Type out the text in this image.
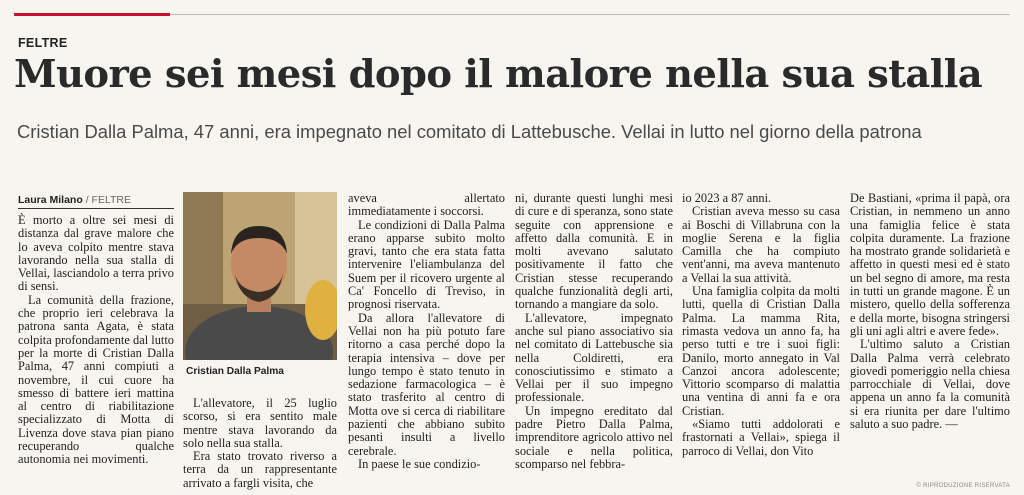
FELTRE
Muore sei mesi dopo il malore nella sua stalla
Cristian Dalla Palma, 47 anni, era impegnato nel comitato di Lattebusche. Vellai in lutto nel giorno della patrona
Laura Milano / FELTRE

È morto a oltre sei mesi di distanza dal grave malore che lo aveva colpito mentre stava lavorando nella sua stalla di Vellai, lasciandolo a terra privo di sensi.

La comunità della frazione, che proprio ieri celebrava la patrona santa Agata, è stata colpita profondamente dal lutto per la morte di Cristian Dalla Palma, 47 anni compiuti a novembre, il cui cuore ha smesso di battere ieri mattina al centro di riabilitazione specializzato di Motta di Livenza dove stava pian piano recuperando qualche autonomia nei movimenti.

Cristian Dalla Palma

L'allevatore, il 25 luglio scorso, si era sentito male mentre stava lavorando da solo nella sua stalla.

Era stato trovato riverso a terra da un rappresentante arrivato a fargli visita, che

aveva allertato immediatamente i soccorsi.

Le condizioni di Dalla Palma erano apparse subito molto gravi, tanto che era stata fatta intervenire l'eliambulanza del Suem per il ricovero urgente al Ca' Foncello di Treviso, in prognosi riservata.

Da allora l'allevatore di Vellai non ha più potuto fare ritorno a casa perché dopo la terapia intensiva – dove per lungo tempo è stato tenuto in sedazione farmacologica – è stato trasferito al centro di Motta ove si cerca di riabilitare pazienti che abbiano subito pesanti insulti a livello cerebrale.

In paese le sue condizio-

ni, durante questi lunghi mesi di cure e di speranza, sono state seguite con apprensione e affetto dalla comunità. E in molti avevano salutato positivamente il fatto che Cristian stesse recuperando qualche funzionalità degli arti, tornando a mangiare da solo.

L'allevatore, impegnato anche sul piano associativo sia nel comitato di Lattebusche sia nella Coldiretti, era conosciutissimo e stimato a Vellai per il suo impegno professionale.

Un impegno ereditato dal padre Pietro Dalla Palma, imprenditore agricolo attivo nel sociale e nella politica, scomparso nel febbra-

io 2023 a 87 anni.

Cristian aveva messo su casa ai Boschi di Villabruna con la moglie Serena e la figlia Camilla che ha compiuto vent'anni, ma aveva mantenuto a Vellai la sua attività.

Una famiglia colpita da molti lutti, quella di Cristian Dalla Palma. La mamma Rita, rimasta vedova un anno fa, ha perso tutti e tre i suoi figli: Danilo, morto annegato in Val Canzoi ancora adolescente; Vittorio scomparso di malattia una ventina di anni fa e ora Cristian.

«Siamo tutti addolorati e frastornati a Vellai», spiega il parroco di Vellai, don Vito

De Bastiani, «prima il papà, ora Cristian, in nemmeno un anno una famiglia felice è stata colpita duramente. La frazione ha mostrato grande solidarietà e affetto in questi mesi ed è stato un bel segno di amore, ma resta in tutti un grande magone. È un mistero, quello della sofferenza e della morte, bisogna stringersi gli uni agli altri e avere fede».

L'ultimo saluto a Cristian Dalla Palma verrà celebrato giovedì pomeriggio nella chiesa parrocchiale di Vellai, dove appena un anno fa la comunità si era riunita per dare l'ultimo saluto a suo padre. —

© RIPRODUZIONE RISERVATA
